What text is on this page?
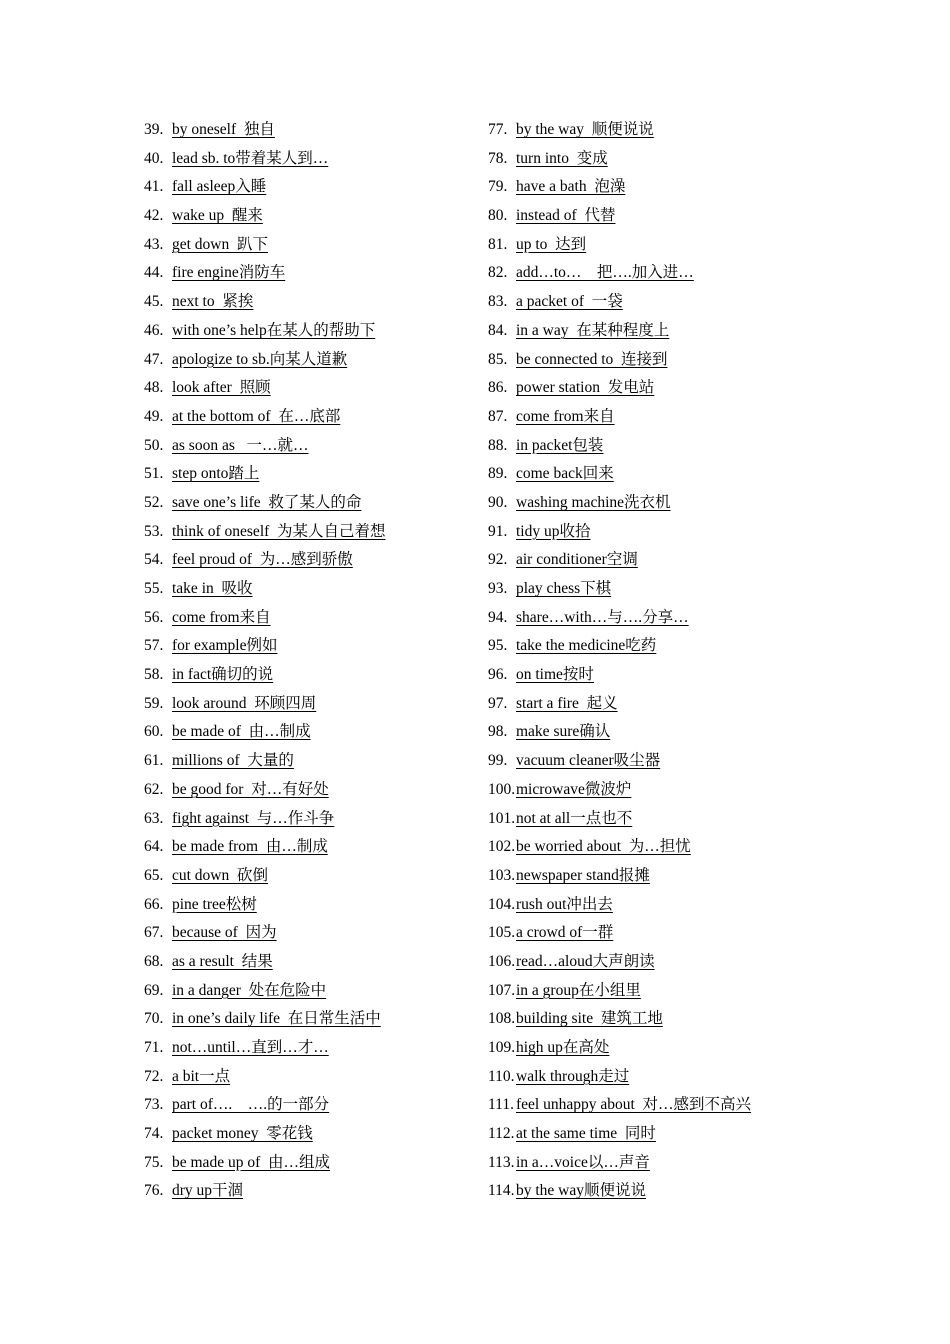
39. by oneself  独自
40. lead sb. to带着某人到…
41. fall asleep入睡
42. wake up  醒来
43. get down  趴下
44. fire engine消防车
45. next to  紧挨
46. with one’s help在某人的帮助下
47. apologize to sb.向某人道歉
48. look after  照顾
49. at the bottom of  在…底部
50. as soon as   一…就…
51. step onto踏上
52. save one’s life  救了某人的命
53. think of oneself  为某人自己着想
54. feel proud of  为…感到骄傲
55. take in  吸收
56. come from来自
57. for example例如
58. in fact确切的说
59. look around  环顾四周
60. be made of  由…制成
61. millions of  大量的
62. be good for  对…有好处
63. fight against  与…作斗争
64. be made from  由…制成
65. cut down  砍倒
66. pine tree松树
67. because of  因为
68. as a result  结果
69. in a danger  处在危险中
70. in one’s daily life  在日常生活中
71. not…until…直到…才…
72. a bit一点
73. part of….    ….的一部分
74. packet money  零花钱
75. be made up of  由…组成
76. dry up干涸
77. by the way  顺便说说
78. turn into  变成
79. have a bath  泡澡
80. instead of  代替
81. up to  达到
82. add…to…    把….加入进…
83. a packet of  一袋
84. in a way  在某种程度上
85. be connected to  连接到
86. power station  发电站
87. come from来自
88. in packet包装
89. come back回来
90. washing machine洗衣机
91. tidy up收拾
92. air conditioner空调
93. play chess下棋
94. share…with…与….分享…
95. take the medicine吃药
96. on time按时
97. start a fire  起义
98. make sure确认
99. vacuum cleaner吸尘器
100.microwave微波炉
101.not at all一点也不
102.be worried about  为…担忧
103.newspaper stand报摊
104.rush out冲出去
105.a crowd of一群
106.read…aloud大声朗读
107.in a group在小组里
108.building site  建筑工地
109.high up在高处
110.walk through走过
111. feel unhappy about  对…感到不高兴
112.at the same time  同时
113.in a…voice以…声音
114.by the way顺便说说
